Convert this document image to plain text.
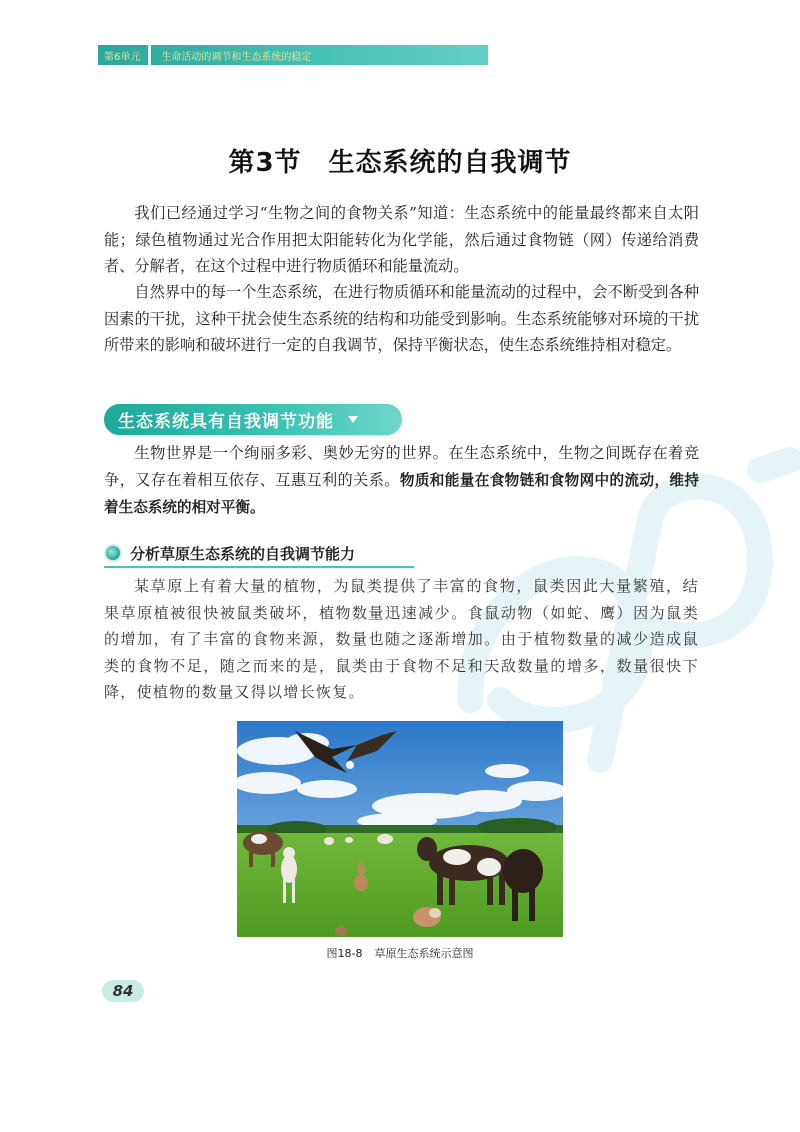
第6单元 生命活动的调节和生态系统的稳定
第3节　生态系统的自我调节

我们已经通过学习“生物之间的食物关系”知道：生态系统中的能量最终都来自太阳能；绿色植物通过光合作用把太阳能转化为化学能，然后通过食物链（网）传递给消费者、分解者，在这个过程中进行物质循环和能量流动。

自然界中的每一个生态系统，在进行物质循环和能量流动的过程中，会不断受到各种因素的干扰，这种干扰会使生态系统的结构和功能受到影响。生态系统能够对环境的干扰所带来的影响和破坏进行一定的自我调节，保持平衡状态，使生态系统维持相对稳定。

生态系统具有自我调节功能

生物世界是一个绚丽多彩、奥妙无穷的世界。在生态系统中，生物之间既存在着竞争，又存在着相互依存、互惠互利的关系。物质和能量在食物链和食物网中的流动，维持着生态系统的相对平衡。

分析草原生态系统的自我调节能力

某草原上有着大量的植物，为鼠类提供了丰富的食物，鼠类因此大量繁殖，结果草原植被很快被鼠类破坏，植物数量迅速减少。食鼠动物（如蛇、鹰）因为鼠类的增加，有了丰富的食物来源，数量也随之逐渐增加。由于植物数量的减少造成鼠类的食物不足，随之而来的是，鼠类由于食物不足和天敌数量的增多，数量很快下降，使植物的数量又得以增长恢复。

图18-8 草原生态系统示意图
84
